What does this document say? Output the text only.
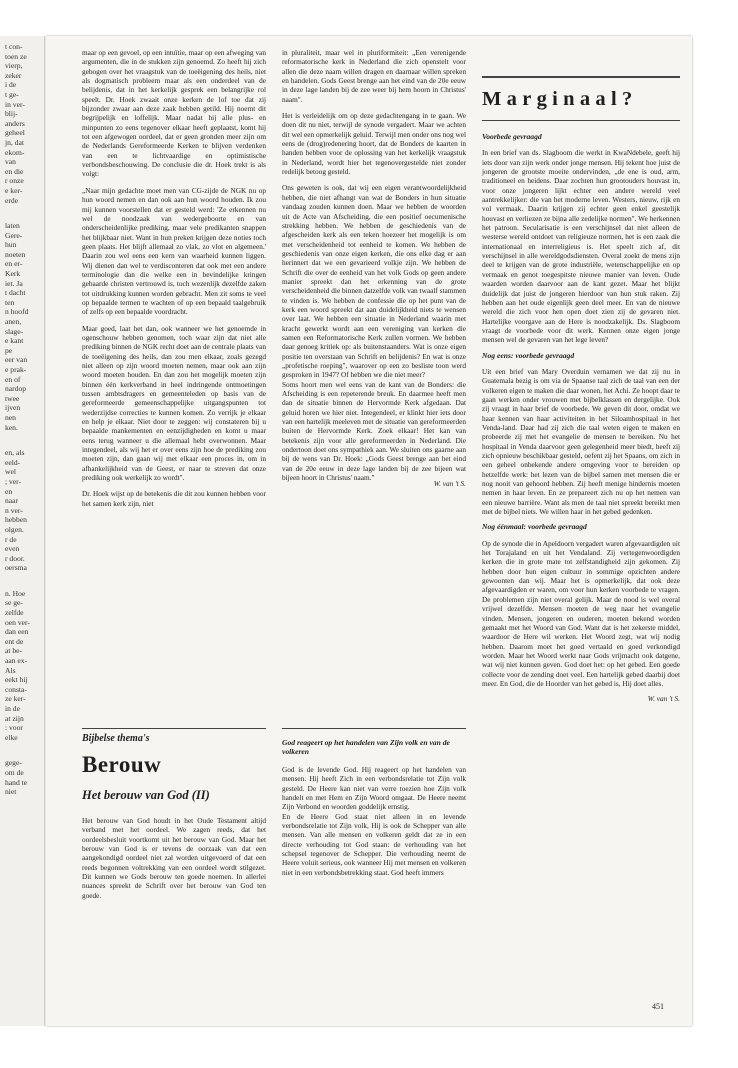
t con-
toen ze
vierp,
zeker
i de
t ge-
in ver-
blij-
anders
geheel
jn, dat
ekom-
van
en die
r onze
e ker-
erde
laten
Gere-
hun
noeten
en er-
Kerk
iet. Ja
t dacht
ten
n hoofd
anen,
slage-
e kant
pe
eer van
e prak-
en of
nardop
twee
ijven
nen
ken.
en, als
eeld-
wel
; ver-
en
naar
n ver-
hebben
olgen.
r de
even
r door.
oersma
n. Hoe
se ge-
zelfde
oen ver-
dan een
ent de
at be-
aan ex-
Als
eekt hij
consta-
ze ker-
in de
at zijn
: voor
elke
gege-
om de
hand te
niet

maar op een gevoel, op een intuïtie, maar op een afweging van argumenten, die in de stukken zijn genoemd. Zo heeft hij zich gebogen over het vraagstuk van de toeëigening des heils, niet als dogmatisch probleem maar als een onderdeel van de belijdenis, dat in het kerkelijk gesprek een belangrijke rol speelt. Dr. Hoek zwaait onze kerken de lof toe dat zij bijzonder zwaar aan deze zaak hebben getild. Hij noemt dit begrijpelijk en loffelijk. Maar nadat hij alle plus- en minpunten zo eens tegenover elkaar heeft geplaatst, komt hij tot een afgewogen oordeel, dat er geen gronden meer zijn om de Nederlands Gereformeerde Kerken te blijven verdenken van een te lichtvaardige en optimistische verbondsbeschouwing. De conclusie die dr. Hoek trekt is als volgt:

„Naar mijn gedachte moet men van CG-zijde de NGK nu op hun woord nemen en dan ook aan hun woord houden. Ik zou mij kunnen voorstellen dat er gesteld werd: 'Ze erkennen nu wel de noodzaak van wedergeboorte en van onderscheidenlijke prediking, maar vele predikanten snappen het blijkbaar niet. Want in hun preken krijgen deze noties toch geen plaats. Het blijft allemaal zo vlak, zo vlot en algemeen.' Daarin zou wel eens een kern van waarheid kunnen liggen. Wij dienen dan wel te verdisconteren dat ook met een andere terminologie dan die welke een in bevindelijke kringen gebaarde christen vertrouwd is, toch wezenlijk dezelfde zaken tot uitdrukking kunnen worden gebracht. Men zit soms te veel op bepaalde termen te wachten of op een bepaald taalgebruik of zelfs op een bepaalde voordracht.

Maar goed, laat het dan, ook wanneer we het genoemde in ogenschouw hebben genomen, toch waar zijn dat niet alle prediking binnen de NGK recht doet aan de centrale plaats van de toeëigening des heils, dan zou men elkaar, zoals gezegd niet alleen op zijn woord moeten nemen, maar ook aan zijn woord moeten houden. En dan zou het mogelijk moeten zijn binnen één kerkverband in heel indringende ontmoetingen tussen ambtsdragers en gemeenteleden op basis van de gereformeerde gemeenschappelijke uitgangspunten tot wederzijdse correcties te kunnen komen. Zo verrijk je elkaar en help je elkaar. Niet door te zeggen: wij constateren bij u bepaalde mankementen en eenzijdigheden en komt u maar eens terug wanneer u die allemaal hebt overwonnen. Maar integendeel, als wij het er over eens zijn hoe de prediking zou moeten zijn, dan gaan wij met elkaar een proces in, om in afhankelijkheid van de Geest, er naar te streven dat onze prediking ook werkelijk zo wordt".

Dr. Hoek wijst op de betekenis die dit zou kunnen hebben voor het samen kerk zijn, niet

in pluraliteit, maar wel in pluriformiteit: „Een verenigende reformatorische kerk in Nederland die zich openstelt voor allen die deze naam willen dragen en daarnaar willen spreken en handelen. Gods Geest brenge aan het eind van de 20e eeuw in deze lage landen bij de zee weer bij hem hoorn in Christus' naam".

Het is verleidelijk om op deze gedachtengang in te gaan. We doen dit nu niet, terwijl de synode vergadert. Maar we achten dit wel een opmerkelijk geluid. Terwijl men onder ons nog wel eens de (drog)redenering hoort, dat de Bonders de kaarten in handen hebben voor de oplossing van het kerkelijk vraagstuk in Nederland, wordt hier het tegenovergestelde niet zonder redelijk betoog gesteld.

Ons geweten is ook, dat wij een eigen verantwoordelijkheid hebben, die niet afhangt van wat de Bonders in hun situatie vandaag zouden kunnen doen. Maar we hebben de woorden uit de Acte van Afscheiding, die een positief oecumenische strekking hebben. We hebben de geschiedenis van de afgescheiden kerk als een teken hoezeer het mogelijk is om met verscheidenheid tot eenheid te komen. We hebben de geschiedenis van onze eigen kerken, die ons elke dag er aan herinnert dat we een gevarieerd volkje zijn. We hebben de Schrift die over de eenheid van het volk Gods op geen andere manier spreekt dan het erkenning van de grote verscheidenheid die binnen datzelfde volk van twaalf stammen te vinden is. We hebben de confessie die op het punt van de kerk een woord spreekt dat aan duidelijkheid niets te wensen over laat. We hebben een situatie in Nederland waarin met kracht gewerkt wordt aan een vereniging van kerken die samen een Reformatorische Kerk zullen vormen. We hebben daar genoeg kritiek op: als buitenstaanders. Wat is onze eigen positie ten overstaan van Schrift en belijdenis? En wat is onze „profetische roeping", waarover op een zo besliste toon werd gesproken in 1947? Of hebben we die niet meer?

Soms hoort men wel eens van de kant van de Bonders: die Afscheiding is een repeterende breuk. En daarmee heeft men dan de situatie binnen de Hervormde Kerk afgedaan. Dat geluid horen we hier niet. Integendeel, er klinkt hier iets door van een hartelijk meeleven met de situatie van gereformeerden buiten de Hervormde Kerk. Zoek elkaar! Het kan van betekenis zijn voor alle gereformeerden in Nederland. Die ondertoon doet ons sympathiek aan. We sluiten ons gaarne aan bij de wens van Dr. Hoek: „Gods Geest brenge aan het eind van de 20e eeuw in deze lage landen bij de zee bijeen wat bijeen hoort in Christus' naam."

W. van 't S.
Bijbelse thema's
Berouw
Het berouw van God (II)

Het berouw van God houdt in het Oude Testament altijd verband met het oordeel. We zagen reeds, dat het oordeelsbesluit voortkomt uit het berouw van God. Maar het berouw van God is er tevens de oorzaak van dat een aangekondigd oordeel niet zal worden uitgevoerd of dat een reeds begonnen voltrekking van een oordeel wordt stilgezet. Dit kunnen we Gods berouw ten goede noemen. In allerlei nuances spreekt de Schrift over het berouw van God ten goede.

God reageert op het handelen van Zijn volk en van de volkeren

God is de levende God. Hij reageert op het handelen van mensen. Hij heeft Zich in een verbondsrelatie tot Zijn volk gesteld. De Heere kan niet van verre toezien hoe Zijn volk handelt en met Hem en Zijn Woord omgaat. De Heere neemt Zijn Verbond en woorden goddelijk ernstig.

En de Heere God staat niet alleen in en levende verbondsrelatie tot Zijn volk, Hij is ook de Schepper van alle mensen. Van alle mensen en volkeren geldt dat ze in een directe verhouding tot God staan: de verhouding van het schepsel tegenover de Schepper. Die verhouding neemt de Heere voluit serieus, ook wanneer Hij met mensen en volkeren niet in een verbondsbetrekking staat. God heeft immers

Marginaal?
Voorbede gevraagd

In een brief van ds. Slagboom die werkt in KwaNdebele, geeft hij iets door van zijn werk onder jonge mensen. Hij tekent hoe juist de jongeren de grootste moeite ondervinden, „de ene is oud, arm, traditioneel en heidens. Daar zochten hun grootouders houvast in, voor onze jongeren lijkt echter een andere wereld veel aantrekkelijker: die van het moderne leven. Westers, nieuw, rijk en vol vermaak. Daarin krijgen zij echter geen enkel geestelijk houvast en verliezen ze bijna alle zedelijke normen". We herkennen het patroon. Secularisatie is een verschijnsel dat niet alleen de westerse wereld ontdoet van religieuze normen, het is een zaak die internationaal en interreligieus is. Het speelt zich af, dit verschijnsel in alle wereldgodsdiensten. Overal zoekt de mens zijn deel te krijgen van de grote industriële, wetenschappelijke en op vermaak en genot toegespitste nieuwe manier van leven. Oude waarden worden daarvoor aan de kant gezet. Maar het blijkt duidelijk dat juist de jongeren hierdoor van hun stuk raken. Zij hebben aan het oude eigenlijk geen deel meer. En van de nieuwe wereld die zich voor hen open doet zien zij de gevaren niet. Hartelijke voorgave aan de Here is noodzakelijk. Ds. Slagboom vraagt de voorbede voor dit werk. Kennen onze eigen jonge mensen wel de gevaren van het lege leven?

Nog eens: voorbede gevraagd

Uit een brief van Mary Overduin vernamen we dat zij nu in Guatemala bezig is om via de Spaanse taal zich de taal van een der volkeren eigen te maken die daar wonen, het Achi. Ze hoopt daar te gaan werken onder vrouwen met bijbelklassen en dergelijke. Ook zij vraagt in haar brief de voorbede. We geven dit door, omdat we haar kennen van haar activiteiten in het Siloamhospitaal in het Venda-land. Daar had zij zich die taal weten eigen te maken en probeerde zij met het evangelie de mensen te bereiken. Nu het hospitaal in Venda daarvoor geen gelegenheid meer biedt, heeft zij zich opnieuw beschikbaar gesteld, oefent zij het Spaans, om zich in een geheel onbekende andere omgeving voor te bereiden op hetzelfde werk: het lezen van de bijbel samen met mensen die er nog nooit van gehoord hebben. Zij heeft menige hindernis moeten nemen in haar leven. En ze prepareert zich nu op het nemen van een nieuwe barrière. Want als men de taal niet spreekt bereikt men met de bijbel niets. We willen haar in het gebed gedenken.

Nog éénmaal: voorbede gevraagd

Op de synode die in Apeldoorn vergadert waren afgevaardigden uit het Torajaland en uit het Vendaland. Zij vertegenwoordigden kerken die in grote mate tot zelfstandigheid zijn gekomen. Zij hebben door hun eigen cultuur in sommige opzichten andere gewoonten dan wij. Maar het is opmerkelijk, dat ook deze afgevaardigden er waren, om voor hun kerken voorbede te vragen. De problemen zijn niet overal gelijk. Maar de nood is wel overal vrijwel dezelfde. Mensen moeten de weg naar het evangelie vinden. Mensen, jongeren en ouderen, moeten bekend worden gemaakt met het Woord van God. Want dat is het zekerste middel, waardoor de Here wil werken. Het Woord zegt, wat wij nodig hebben. Daarom moet het goed vertaald en goed verkondigd worden. Maar het Woord werkt naar Gods vrijmacht ook datgene, wat wij niet kunnen geven. God doet het: op het gebed. Een goede collecte voor de zending doet veel. Een hartelijk gebed daarbij doet meer. En God, die de Hoorder van het gebed is, Hij doet alles.

W. van 't S.
451
